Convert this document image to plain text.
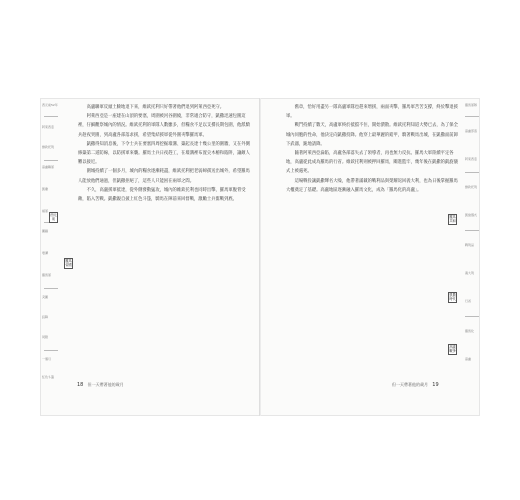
西元前52年
阿萊西亞
維欽托利
高盧聯軍
凱撒
援軍
圍牆
壕溝
羅馬軍
突圍
投降
同胞
一個月
紅色斗篷
西元前
羅馬帝國

高盧聯軍反頭土臉地退下來，維欽托利只好帶著他們退到阿萊西亞死守。

阿萊西亞是一座建在山頂的要塞，周圍被河谷圍繞，非常適合防守，凱撒迅速包圍這裡，仔細觀察城內的情況。維欽托利的軍隊人數雖多，但糧食不足以支撐長期包圍，他派騎兵趁夜突圍，到高盧各部落求援，希望集結援軍從外圍夾擊羅馬軍。

凱撒得知消息後，下令士兵在要塞四周挖掘壕溝、築起長達十幾公里的圍牆，又在外側修築第二道防線，以防援軍來襲。羅馬士兵日夜趕工，在壕溝裡布置尖木樁和陷阱，讓敵人難以接近。

圍城持續了一個多月，城內的糧食逐漸耗盡，維欽托利把老弱婦孺送出城外，希望羅馬人能放他們通過，但凱撒拒絕了，這些人只能困在兩軍之間。

不久，高盧援軍抵達，從外側發動猛攻，城內的維欽托利也同時出擊，羅馬軍腹背受敵，陷入苦戰。凱撒親自披上紅色斗篷，騎馬在陣前來回督戰，激勵士兵奮戰到底。

18 但一天帶著他的歲月

舊章，恰好用盡另一隊高盧軍隊也趕來增援，兩面夾擊，羅馬軍苦苦支撐，終於擊退援軍。

戰鬥持續了數天，高盧軍終於抵擋不住，開始潰散。維欽托利知道大勢已去，為了保全城內同胞的性命，他決定向凱撒投降。他穿上最華麗的鎧甲，騎著戰馬出城，在凱撒面前卸下武器，跪地請降。

隨著阿萊西亞淪陷，高盧各部落失去了領導者，再也無力反抗。羅馬大軍陸續平定各地，高盧從此成為羅馬的行省。維欽托利則被押回羅馬，關進監牢，幾年後在凱撒的凱旋儀式上被處死。

這場戰役讓凱撒聲名大噪，他帶著滿載的戰利品與榮耀返回義大利，也為日後掌握羅馬大權奠定了基礎。高盧地區逐漸融入羅馬文化，成為「羅馬化的高盧」。

但一天帶著他的歲月 19
羅馬軍隊
高盧部落
阿萊西亞
維欽托利
凱旋儀式
戰利品
義大利
行省
羅馬化
高盧
羅馬共和
凱撒時代
高盧戰爭
